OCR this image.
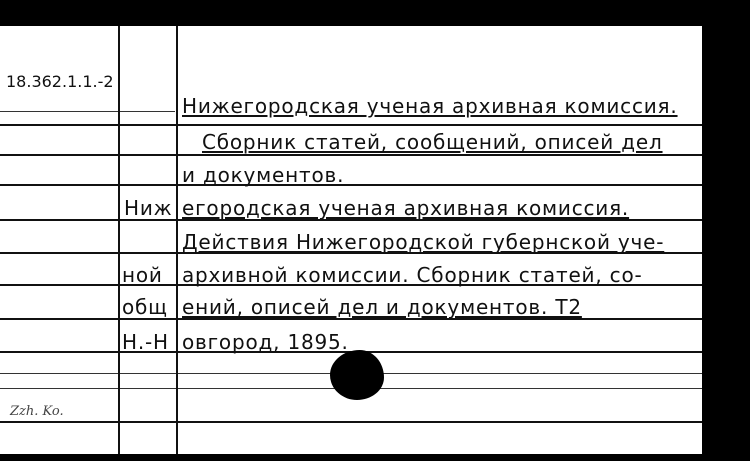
18.362.1.1.-2
Нижегородская ученая архивная комиссия.
Сборник статей, сообщений, описей дел
и документов.
Ниж
ной
общ
Н.-Н
егородская ученая архивная комиссия.
Действия Нижегородской губернской уче-
архивной комиссии. Сборник статей, со-
ений, описей дел и документов. Т2
овгород, 1895.
Zzh. Ko.
